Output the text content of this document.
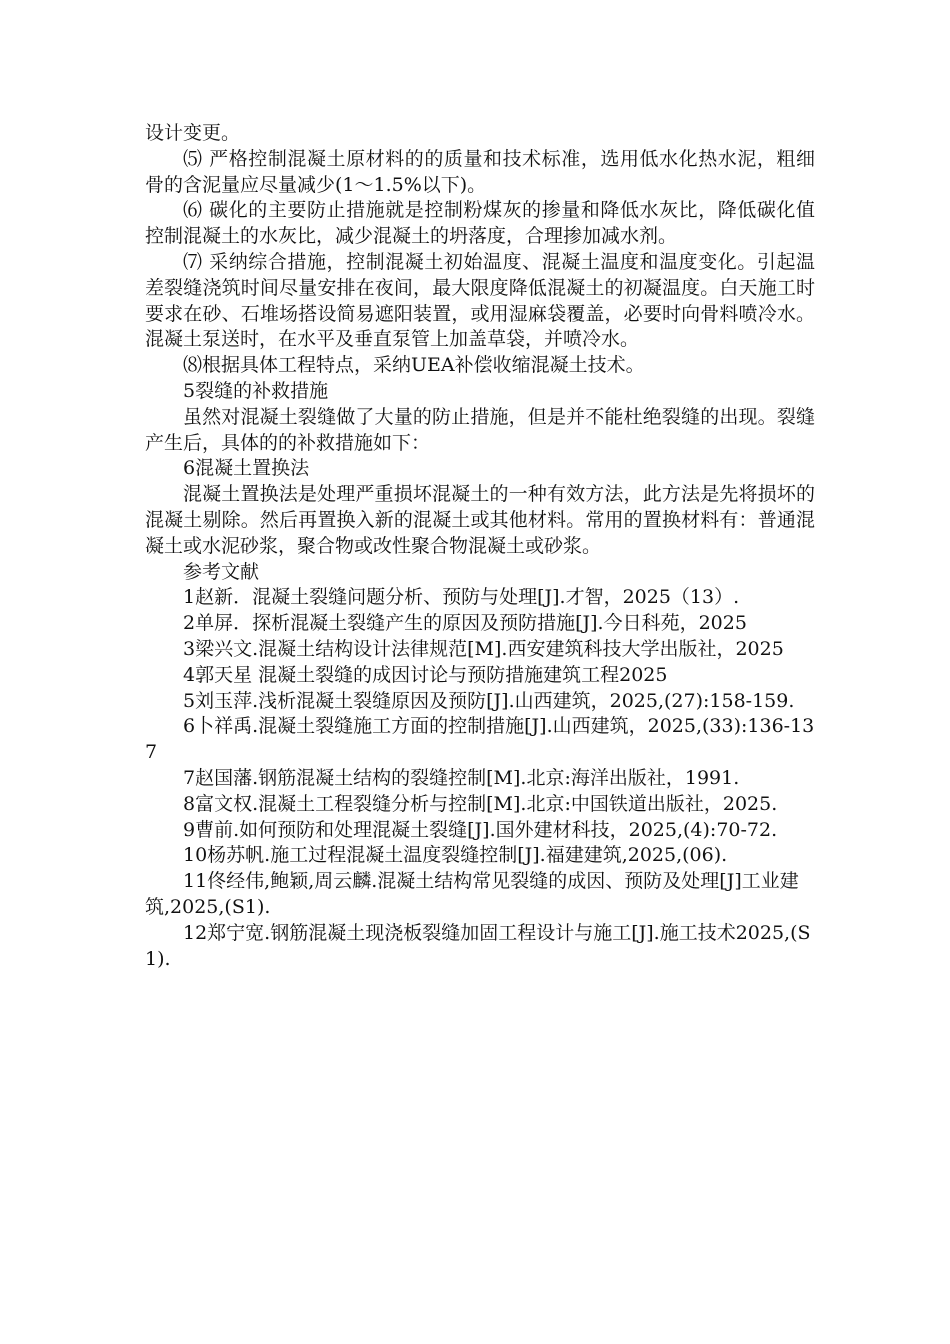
设计变更。

⑸ 严格控制混凝土原材料的的质量和技术标准，选用低水化热水泥，粗细骨的含泥量应尽量减少(1～1.5%以下)。

⑹ 碳化的主要防止措施就是控制粉煤灰的掺量和降低水灰比，降低碳化值控制混凝土的水灰比，减少混凝土的坍落度，合理掺加减水剂。

⑺ 采纳综合措施，控制混凝土初始温度、混凝土温度和温度变化。引起温差裂缝浇筑时间尽量安排在夜间，最大限度降低混凝土的初凝温度。白天施工时要求在砂、石堆场搭设简易遮阳装置，或用湿麻袋覆盖，必要时向骨料喷冷水。混凝土泵送时，在水平及垂直泵管上加盖草袋，并喷冷水。

⑻根据具体工程特点，采纳UEA补偿收缩混凝土技术。

5裂缝的补救措施

虽然对混凝土裂缝做了大量的防止措施，但是并不能杜绝裂缝的出现。裂缝产生后，具体的的补救措施如下：

6混凝土置换法

混凝土置换法是处理严重损坏混凝土的一种有效方法，此方法是先将损坏的混凝土剔除。然后再置换入新的混凝土或其他材料。常用的置换材料有：普通混凝土或水泥砂浆，聚合物或改性聚合物混凝土或砂浆。

参考文献

1赵新．混凝土裂缝问题分析、预防与处理[J].才智，2025（13）.

2单屏．探析混凝土裂缝产生的原因及预防措施[J].今日科苑，2025

3梁兴文.混凝土结构设计法律规范[M].西安建筑科技大学出版社，2025

4郭天星 混凝土裂缝的成因讨论与预防措施建筑工程2025

5刘玉萍.浅析混凝土裂缝原因及预防[J].山西建筑，2025,(27):158-159.

6卜祥禹.混凝土裂缝施工方面的控制措施[J].山西建筑，2025,(33):136-137

7赵国藩.钢筋混凝土结构的裂缝控制[M].北京:海洋出版社，1991.

8富文权.混凝土工程裂缝分析与控制[M].北京:中国铁道出版社，2025.

9曹前.如何预防和处理混凝土裂缝[J].国外建材科技，2025,(4):70-72.

10杨苏帆.施工过程混凝土温度裂缝控制[J].福建建筑,2025,(06).

11佟经伟,鲍颖,周云麟.混凝土结构常见裂缝的成因、预防及处理[J]工业建筑,2025,(S1).

12郑宁宽.钢筋混凝土现浇板裂缝加固工程设计与施工[J].施工技术2025,(S1).
